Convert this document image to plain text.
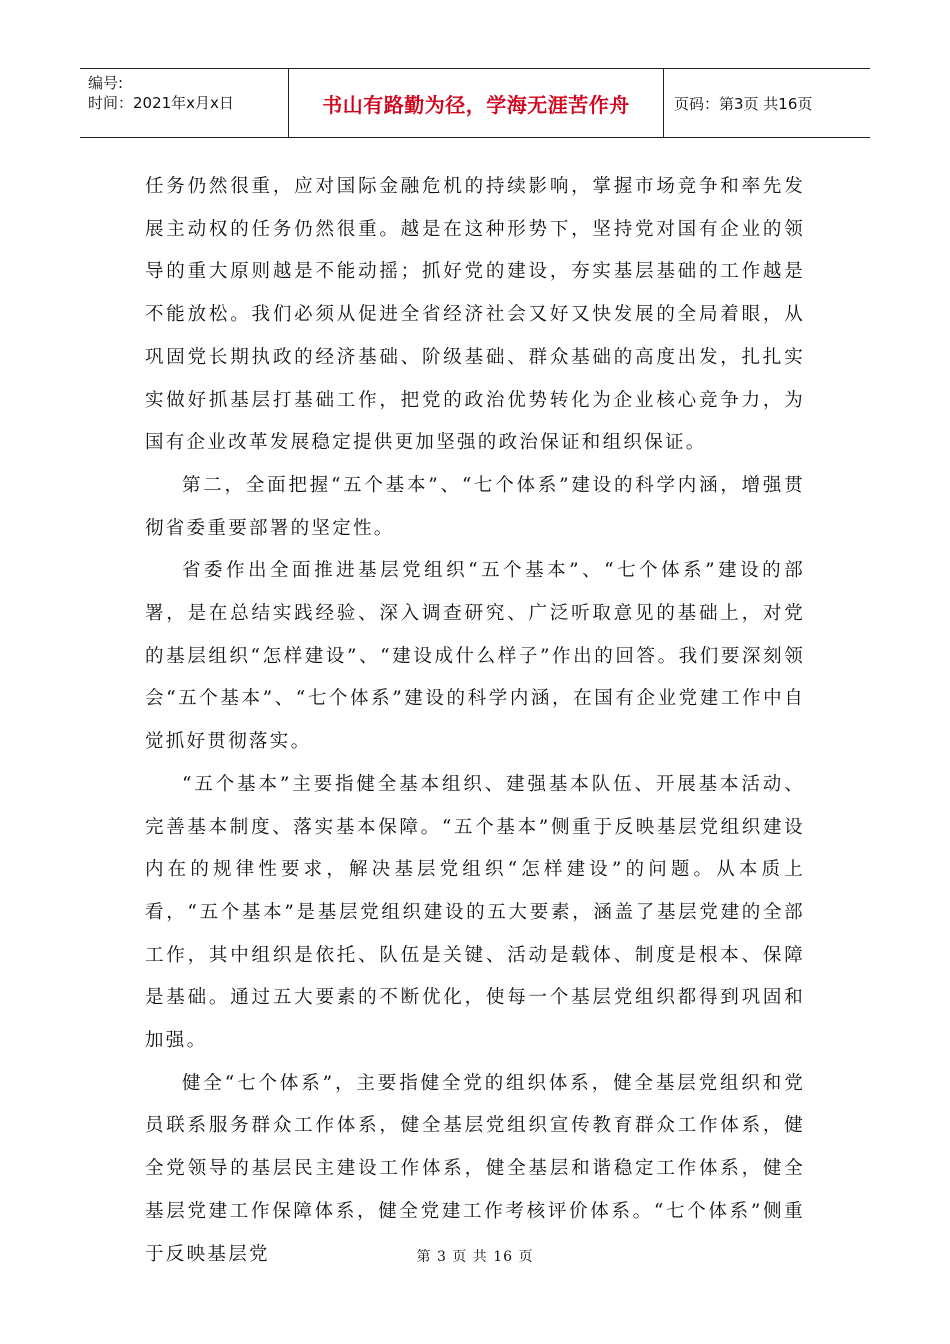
编号:
时间：2021年x月x日	书山有路勤为径，学海无涯苦作舟	页码：第3页 共16页

任务仍然很重，应对国际金融危机的持续影响，掌握市场竞争和率先发展主动权的任务仍然很重。越是在这种形势下，坚持党对国有企业的领导的重大原则越是不能动摇；抓好党的建设，夯实基层基础的工作越是不能放松。我们必须从促进全省经济社会又好又快发展的全局着眼，从巩固党长期执政的经济基础、阶级基础、群众基础的高度出发，扎扎实实做好抓基层打基础工作，把党的政治优势转化为企业核心竞争力，为国有企业改革发展稳定提供更加坚强的政治保证和组织保证。

第二，全面把握“五个基本”、“七个体系”建设的科学内涵，增强贯彻省委重要部署的坚定性。

省委作出全面推进基层党组织“五个基本”、“七个体系”建设的部署，是在总结实践经验、深入调查研究、广泛听取意见的基础上，对党的基层组织“怎样建设”、“建设成什么样子”作出的回答。我们要深刻领会“五个基本”、“七个体系”建设的科学内涵，在国有企业党建工作中自觉抓好贯彻落实。

“五个基本”主要指健全基本组织、建强基本队伍、开展基本活动、完善基本制度、落实基本保障。“五个基本”侧重于反映基层党组织建设内在的规律性要求，解决基层党组织“怎样建设”的问题。从本质上看，“五个基本”是基层党组织建设的五大要素，涵盖了基层党建的全部工作，其中组织是依托、队伍是关键、活动是载体、制度是根本、保障是基础。通过五大要素的不断优化，使每一个基层党组织都得到巩固和加强。

健全“七个体系”，主要指健全党的组织体系，健全基层党组织和党员联系服务群众工作体系，健全基层党组织宣传教育群众工作体系，健全党领导的基层民主建设工作体系，健全基层和谐稳定工作体系，健全基层党建工作保障体系，健全党建工作考核评价体系。“七个体系”侧重于反映基层党	第 3 页 共 16 页
